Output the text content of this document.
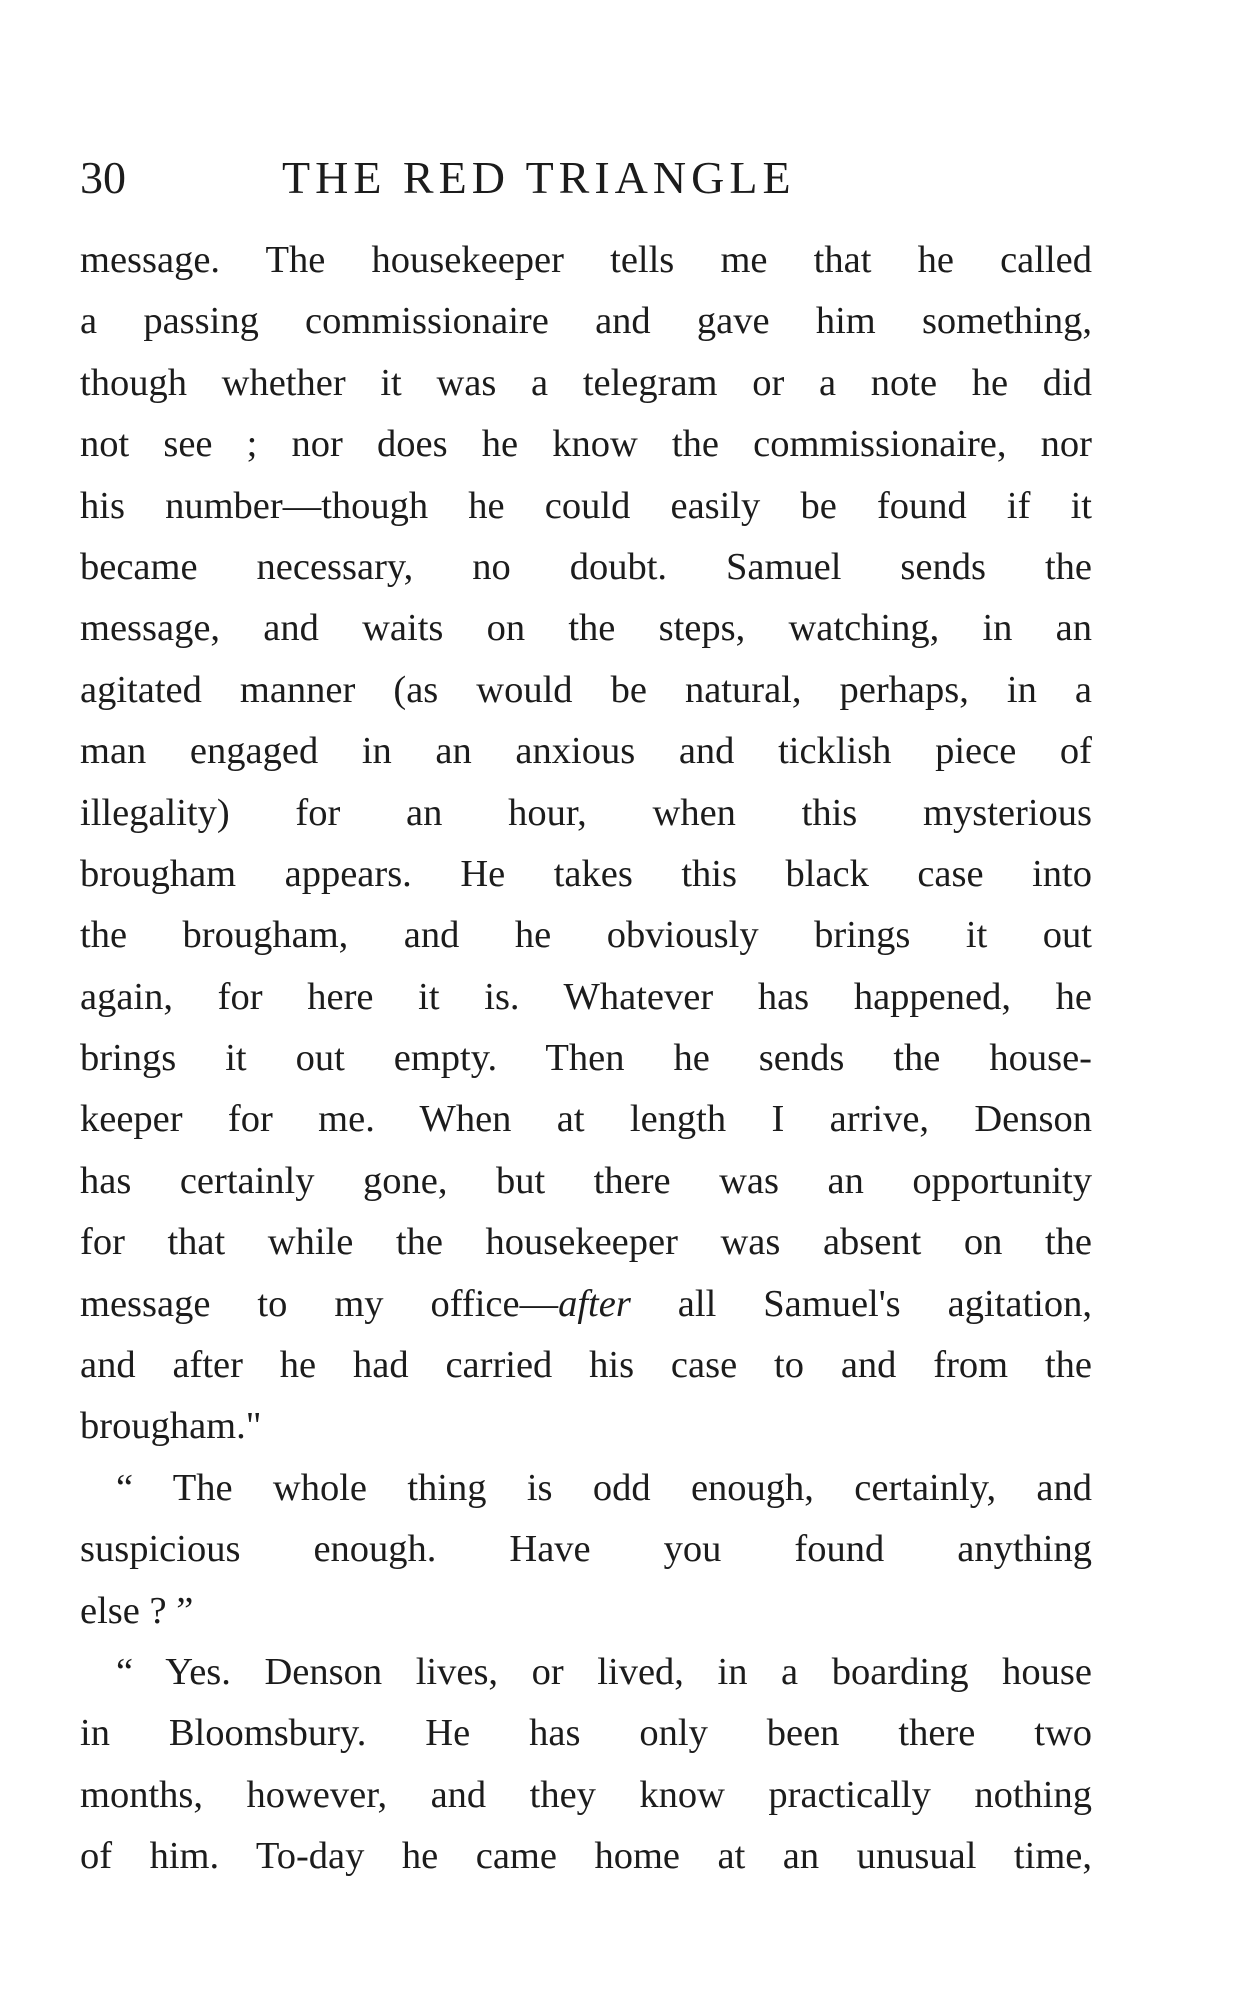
30	THE RED TRIANGLE
message. The housekeeper tells me that he called
a passing commissionaire and gave him something,
though whether it was a telegram or a note he did
not see ; nor does he know the commissionaire, nor
his number—though he could easily be found if it
became necessary, no doubt. Samuel sends the
message, and waits on the steps, watching, in an
agitated manner (as would be natural, perhaps, in a
man engaged in an anxious and ticklish piece of
illegality) for an hour, when this mysterious
brougham appears. He takes this black case into
the brougham, and he obviously brings it out
again, for here it is. Whatever has happened, he
brings it out empty. Then he sends the house-
keeper for me. When at length I arrive, Denson
has certainly gone, but there was an opportunity
for that while the housekeeper was absent on the
message to my office—after all Samuel's agitation,
and after he had carried his case to and from the
brougham."
“ The whole thing is odd enough, certainly, and
suspicious enough. Have you found anything
else ? ”
“ Yes. Denson lives, or lived, in a boarding house
in Bloomsbury. He has only been there two
months, however, and they know practically nothing
of him. To-day he came home at an unusual time,
